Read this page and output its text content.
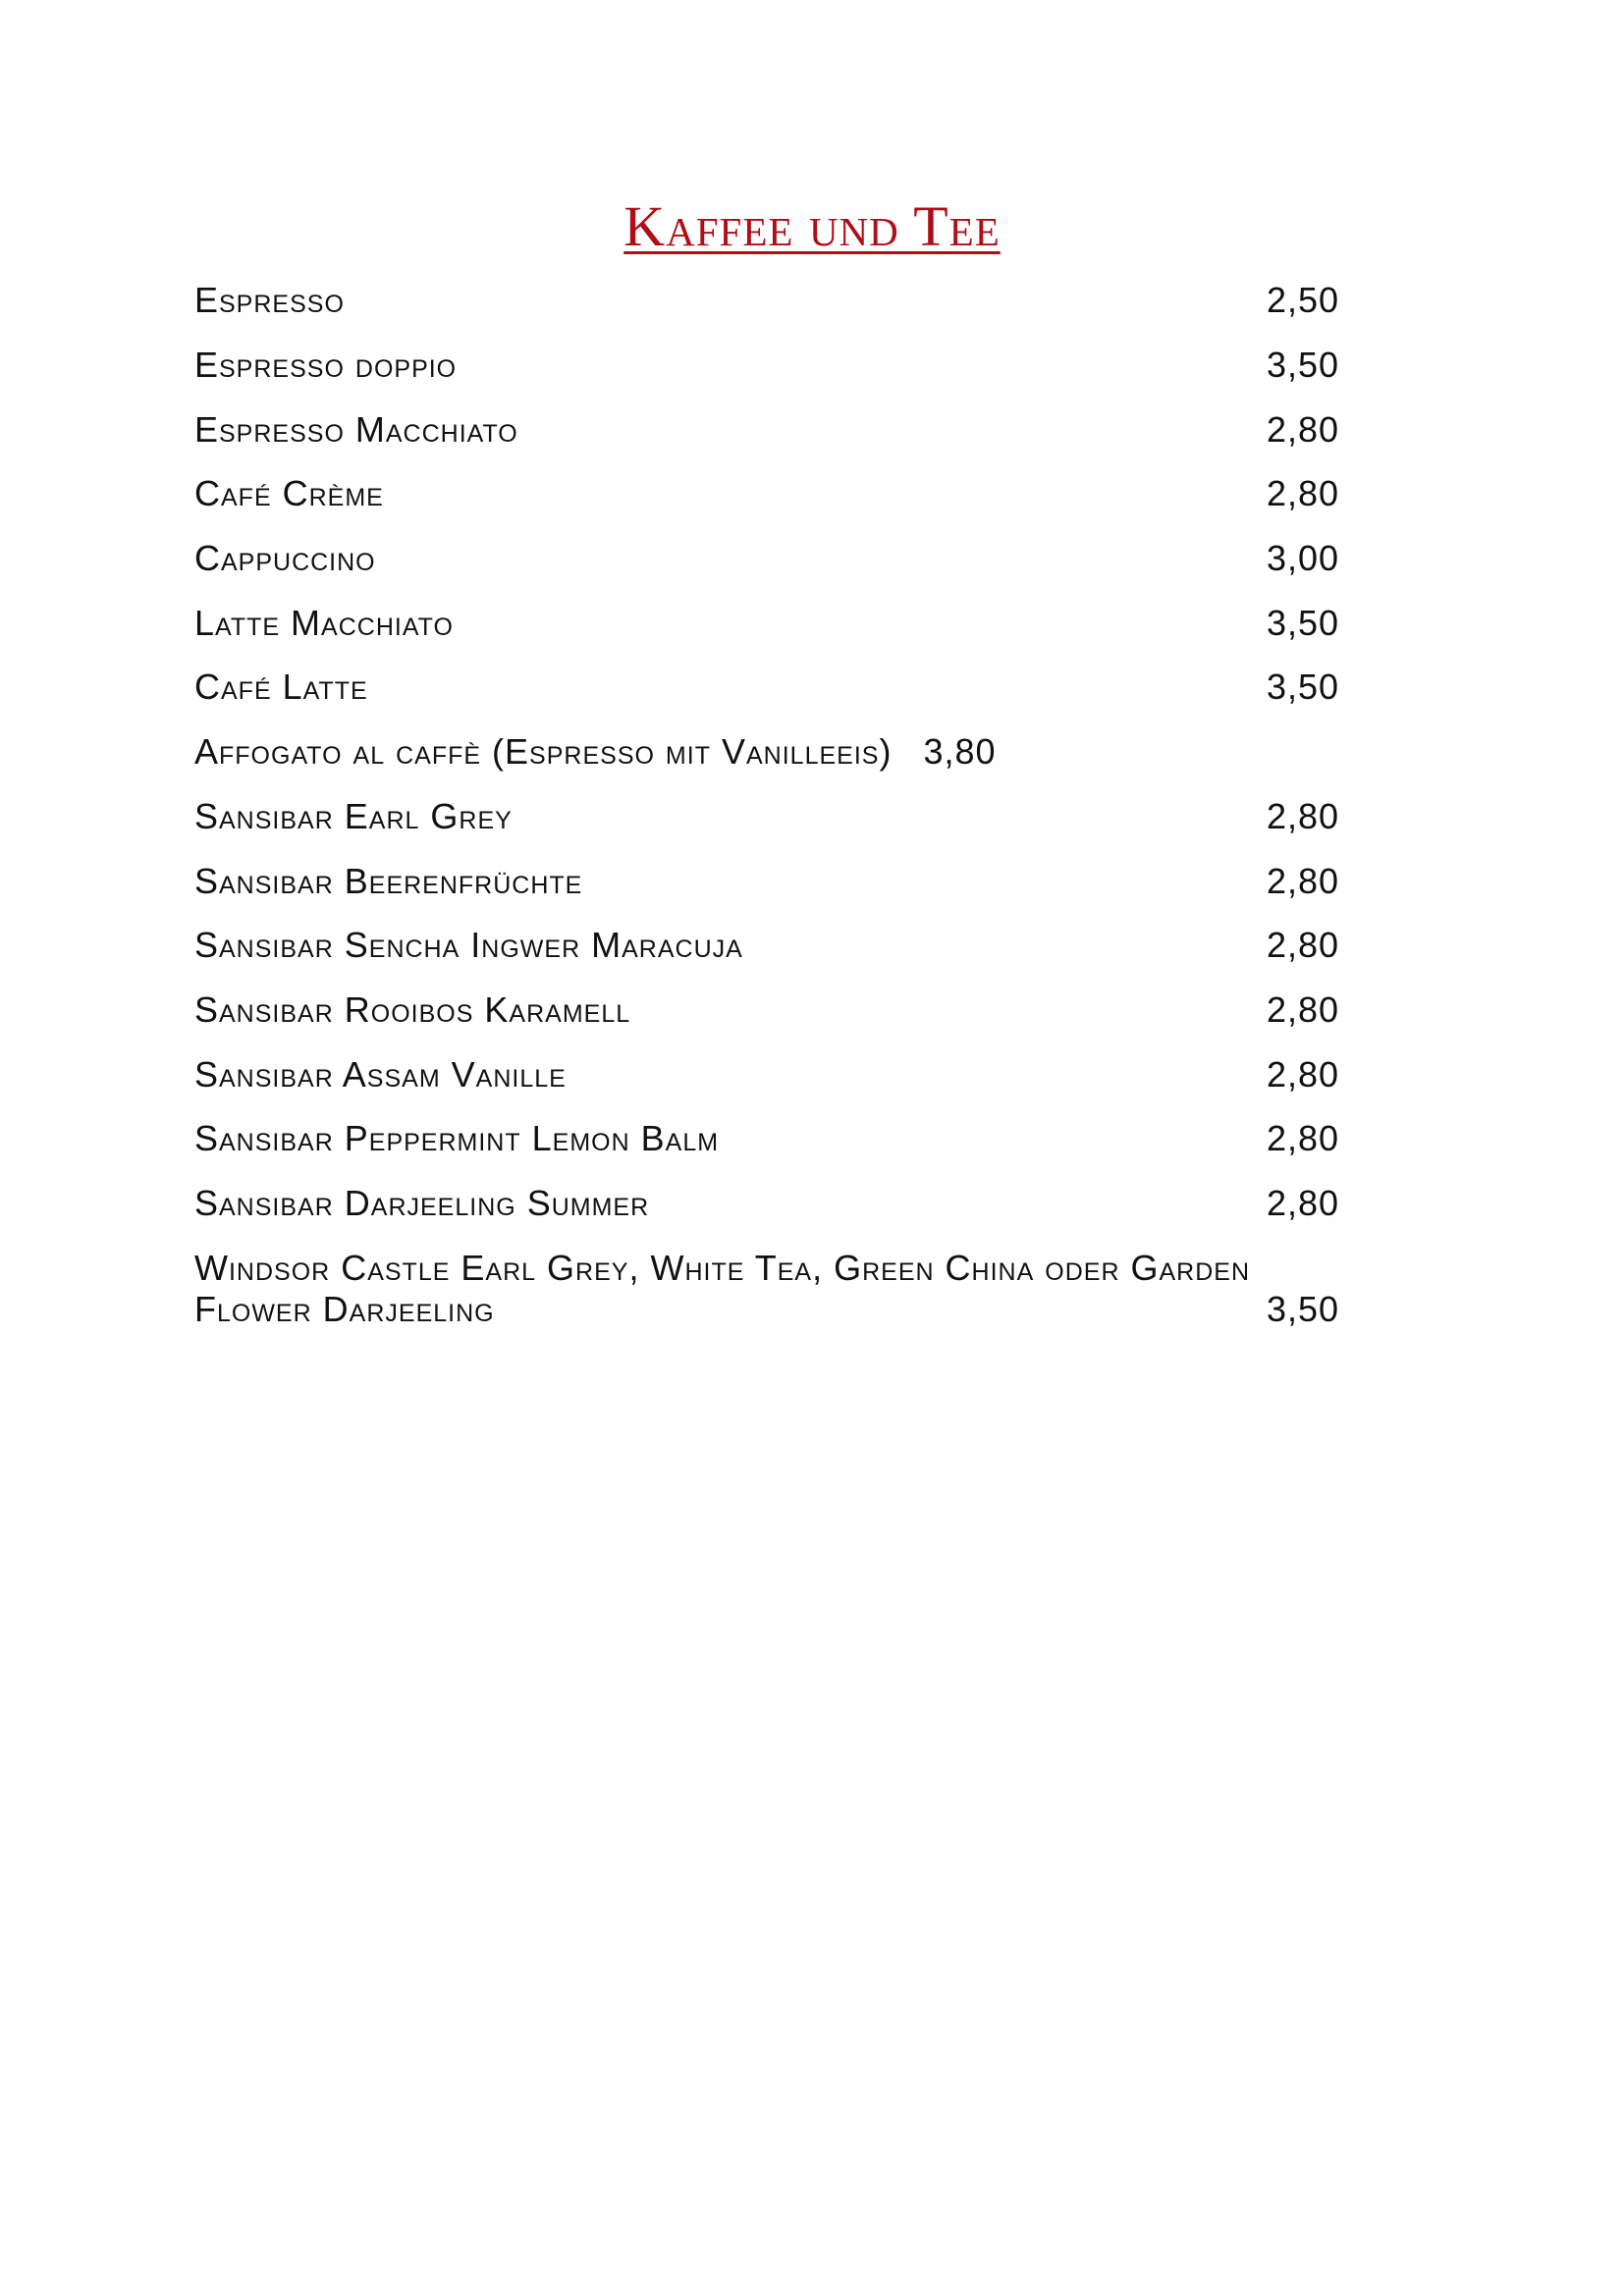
Kaffee und Tee
Espresso	2,50
Espresso doppio	3,50
Espresso Macchiato	2,80
Café Crème	2,80
Cappuccino	3,00
Latte Macchiato	3,50
Café Latte	3,50
Affogato al caffè (Espresso mit Vanilleeis) 3,80
Sansibar Earl Grey	2,80
Sansibar Beerenfrüchte	2,80
Sansibar Sencha Ingwer Maracuja	2,80
Sansibar Rooibos Karamell	2,80
Sansibar Assam Vanille	2,80
Sansibar Peppermint Lemon Balm	2,80
Sansibar Darjeeling Summer	2,80
Windsor Castle Earl Grey, White Tea, Green China oder Garden
Flower Darjeeling	3,50
